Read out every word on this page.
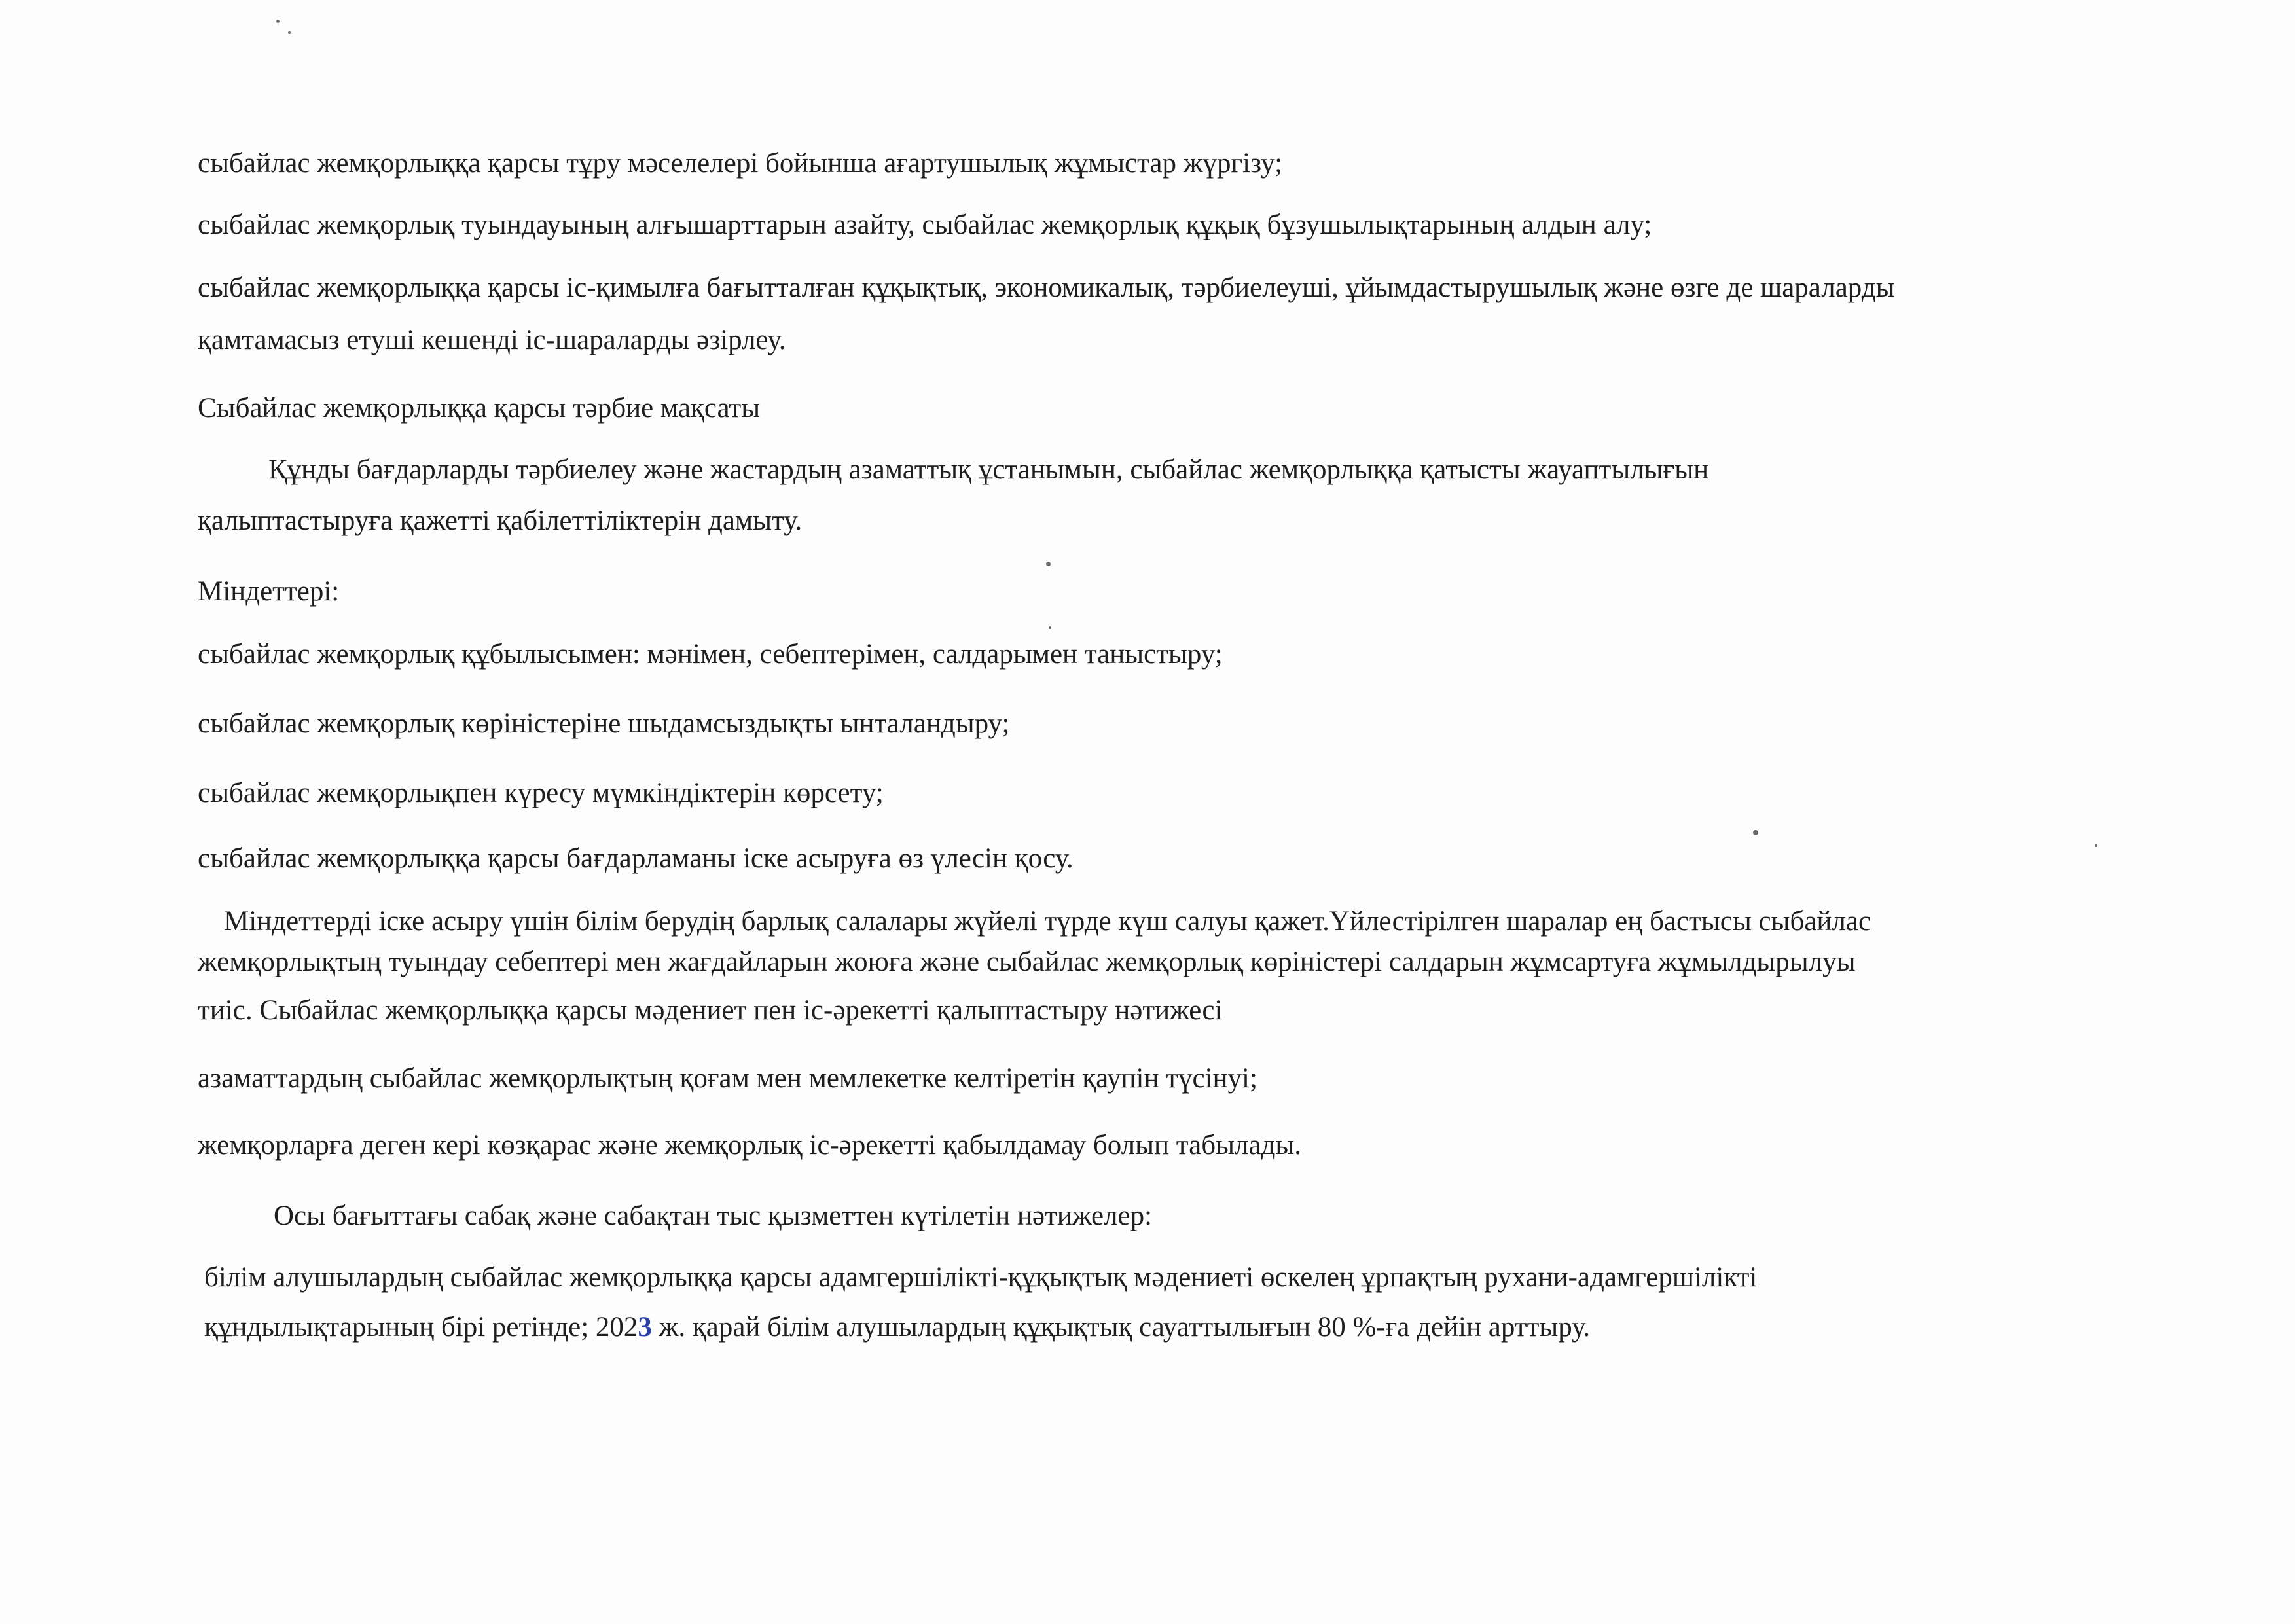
сыбайлас жемқорлыққа қарсы тұру мәселелері бойынша ағартушылық жұмыстар жүргізу;
сыбайлас жемқорлық туындауының алғышарттарын азайту, сыбайлас жемқорлық құқық бұзушылықтарының алдын алу;
сыбайлас жемқорлыққа қарсы іс-қимылға бағытталған құқықтық, экономикалық, тәрбиелеуші, ұйымдастырушылық және өзге де шараларды
қамтамасыз етуші кешенді іс-шараларды әзірлеу.
Сыбайлас жемқорлыққа қарсы тәрбие мақсаты
Құнды бағдарларды тәрбиелеу және жастардың азаматтық ұстанымын, сыбайлас жемқорлыққа қатысты жауаптылығын
қалыптастыруға қажетті қабілеттіліктерін дамыту.
Міндеттері:
сыбайлас жемқорлық құбылысымен: мәнімен, себептерімен, салдарымен таныстыру;
сыбайлас жемқорлық көріністеріне шыдамсыздықты ынталандыру;
сыбайлас жемқорлықпен күресу мүмкіндіктерін көрсету;
сыбайлас жемқорлыққа қарсы бағдарламаны іске асыруға өз үлесін қосу.
Міндеттерді іске асыру үшін білім берудің барлық салалары жүйелі түрде күш салуы қажет.Үйлестірілген шаралар ең бастысы сыбайлас
жемқорлықтың туындау себептері мен жағдайларын жоюға және сыбайлас жемқорлық көріністері салдарын жұмсартуға жұмылдырылуы
тиіс. Сыбайлас жемқорлыққа қарсы мәдениет пен іс-әрекетті қалыптастыру нәтижесі
азаматтардың сыбайлас жемқорлықтың қоғам мен мемлекетке келтіретін қаупін түсінуі;
жемқорларға деген кері көзқарас және жемқорлық іс-әрекетті қабылдамау болып табылады.
Осы бағыттағы сабақ және сабақтан тыс қызметтен күтілетін нәтижелер:
білім алушылардың сыбайлас жемқорлыққа қарсы адамгершілікті-құқықтық мәдениеті өскелең ұрпақтың рухани-адамгершілікті
құндылықтарының бірі ретінде; 2023 ж. қарай білім алушылардың құқықтық сауаттылығын 80 %-ға дейін арттыру.
